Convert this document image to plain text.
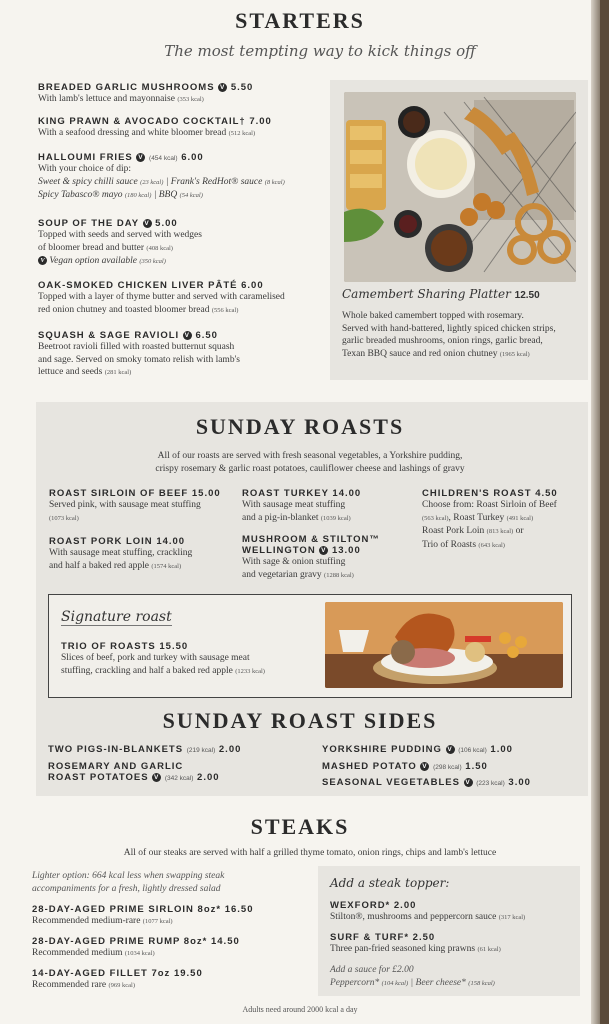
STARTERS
The most tempting way to kick things off
BREADED GARLIC MUSHROOMS V 5.50
With lamb's lettuce and mayonnaise (353 kcal)
KING PRAWN & AVOCADO COCKTAIL† 7.00
With a seafood dressing and white bloomer bread (512 kcal)
HALLOUMI FRIES V (454 kcal) 6.00
With your choice of dip:
Sweet & spicy chilli sauce (23 kcal) | Frank's RedHot® sauce (8 kcal)
Spicy Tabasco® mayo (180 kcal) | BBQ (54 kcal)
SOUP OF THE DAY V 5.00
Topped with seeds and served with wedges
of bloomer bread and butter (408 kcal)
V Vegan option available (350 kcal)
OAK-SMOKED CHICKEN LIVER PÂTÉ 6.00
Topped with a layer of thyme butter and served with caramelised
red onion chutney and toasted bloomer bread (556 kcal)
SQUASH & SAGE RAVIOLI V 6.50
Beetroot ravioli filled with roasted butternut squash
and sage. Served on smoky tomato relish with lamb's
lettuce and seeds (281 kcal)
Camembert Sharing Platter 12.50
Whole baked camembert topped with rosemary.
Served with hand-battered, lightly spiced chicken strips,
garlic breaded mushrooms, onion rings, garlic bread,
Texan BBQ sauce and red onion chutney (1965 kcal)
SUNDAY ROASTS
All of our roasts are served with fresh seasonal vegetables, a Yorkshire pudding,
crispy rosemary & garlic roast potatoes, cauliflower cheese and lashings of gravy
ROAST SIRLOIN OF BEEF 15.00
Served pink, with sausage meat stuffing
(1073 kcal)
ROAST PORK LOIN 14.00
With sausage meat stuffing, crackling
and half a baked red apple (1574 kcal)
ROAST TURKEY 14.00
With sausage meat stuffing
and a pig-in-blanket (1039 kcal)
MUSHROOM & STILTON™
WELLINGTON V 13.00
With sage & onion stuffing
and vegetarian gravy (1288 kcal)
CHILDREN'S ROAST 4.50
Choose from: Roast Sirloin of Beef
(563 kcal), Roast Turkey (491 kcal)
Roast Pork Loin (813 kcal) or
Trio of Roasts (643 kcal)
Signature roast
TRIO OF ROASTS 15.50
Slices of beef, pork and turkey with sausage meat
stuffing, crackling and half a baked red apple (1233 kcal)
SUNDAY ROAST SIDES
TWO PIGS-IN-BLANKETS (219 kcal) 2.00
ROSEMARY AND GARLIC
ROAST POTATOES V (342 kcal) 2.00
YORKSHIRE PUDDING V (106 kcal) 1.00
MASHED POTATO V (298 kcal) 1.50
SEASONAL VEGETABLES V (223 kcal) 3.00
STEAKS
All of our steaks are served with half a grilled thyme tomato, onion rings, chips and lamb's lettuce
Lighter option: 664 kcal less when swapping steak
accompaniments for a fresh, lightly dressed salad
28-DAY-AGED PRIME SIRLOIN 8oz* 16.50
Recommended medium-rare (1077 kcal)
28-DAY-AGED PRIME RUMP 8oz* 14.50
Recommended medium (1034 kcal)
14-DAY-AGED FILLET 7oz 19.50
Recommended rare (969 kcal)
Add a steak topper:
WEXFORD* 2.00
Stilton®, mushrooms and peppercorn sauce (317 kcal)
SURF & TURF* 2.50
Three pan-fried seasoned king prawns (61 kcal)
Add a sauce for £2.00
Peppercorn* (104 kcal) | Beer cheese* (158 kcal)
Adults need around 2000 kcal a day
